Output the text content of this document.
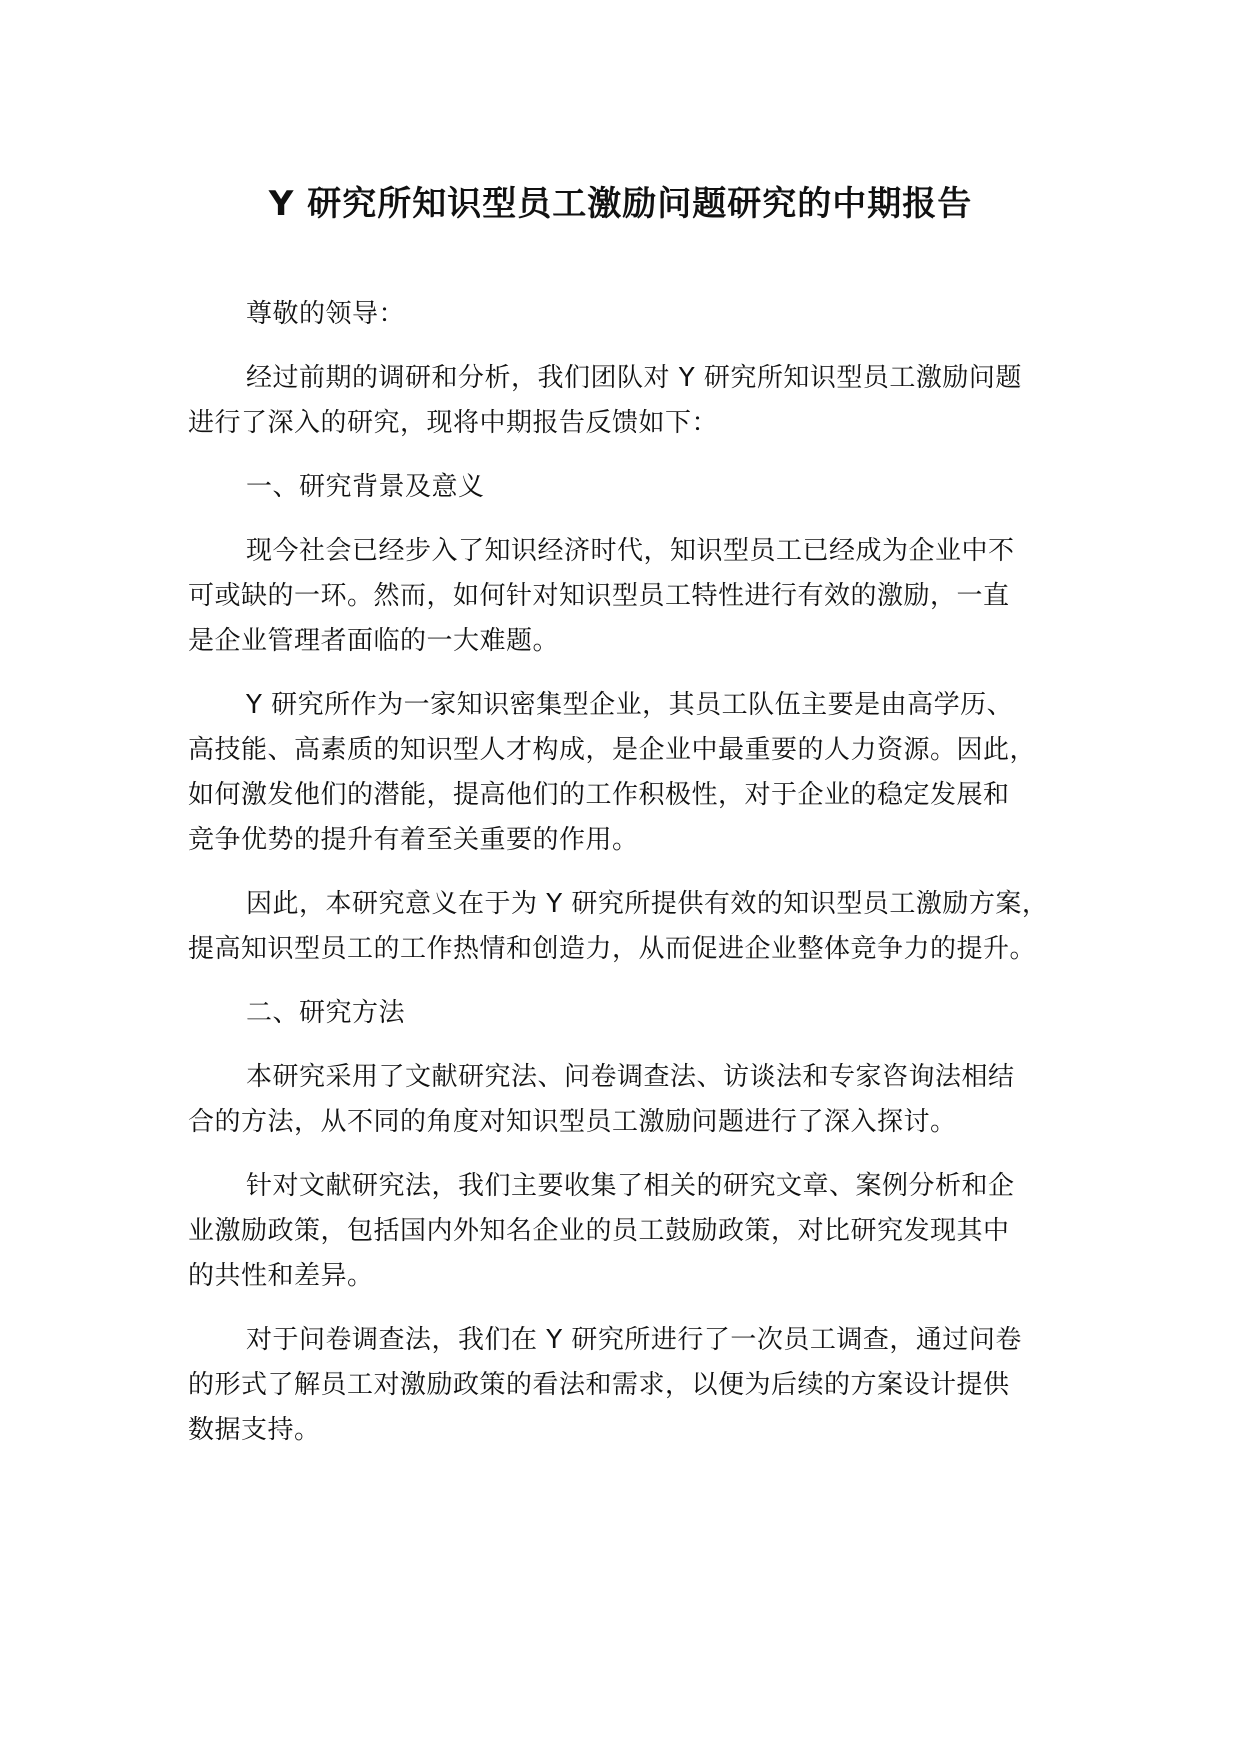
Y 研究所知识型员工激励问题研究的中期报告

尊敬的领导：

经过前期的调研和分析，我们团队对 Y 研究所知识型员工激励问题
进行了深入的研究，现将中期报告反馈如下：

一、研究背景及意义

现今社会已经步入了知识经济时代，知识型员工已经成为企业中不
可或缺的一环。然而，如何针对知识型员工特性进行有效的激励，一直
是企业管理者面临的一大难题。

Y 研究所作为一家知识密集型企业，其员工队伍主要是由高学历、
高技能、高素质的知识型人才构成，是企业中最重要的人力资源。因此，
如何激发他们的潜能，提高他们的工作积极性，对于企业的稳定发展和
竞争优势的提升有着至关重要的作用。

因此，本研究意义在于为 Y 研究所提供有效的知识型员工激励方案，
提高知识型员工的工作热情和创造力，从而促进企业整体竞争力的提升。

二、研究方法

本研究采用了文献研究法、问卷调查法、访谈法和专家咨询法相结
合的方法，从不同的角度对知识型员工激励问题进行了深入探讨。

针对文献研究法，我们主要收集了相关的研究文章、案例分析和企
业激励政策，包括国内外知名企业的员工鼓励政策，对比研究发现其中
的共性和差异。

对于问卷调查法，我们在 Y 研究所进行了一次员工调查，通过问卷
的形式了解员工对激励政策的看法和需求，以便为后续的方案设计提供
数据支持。
